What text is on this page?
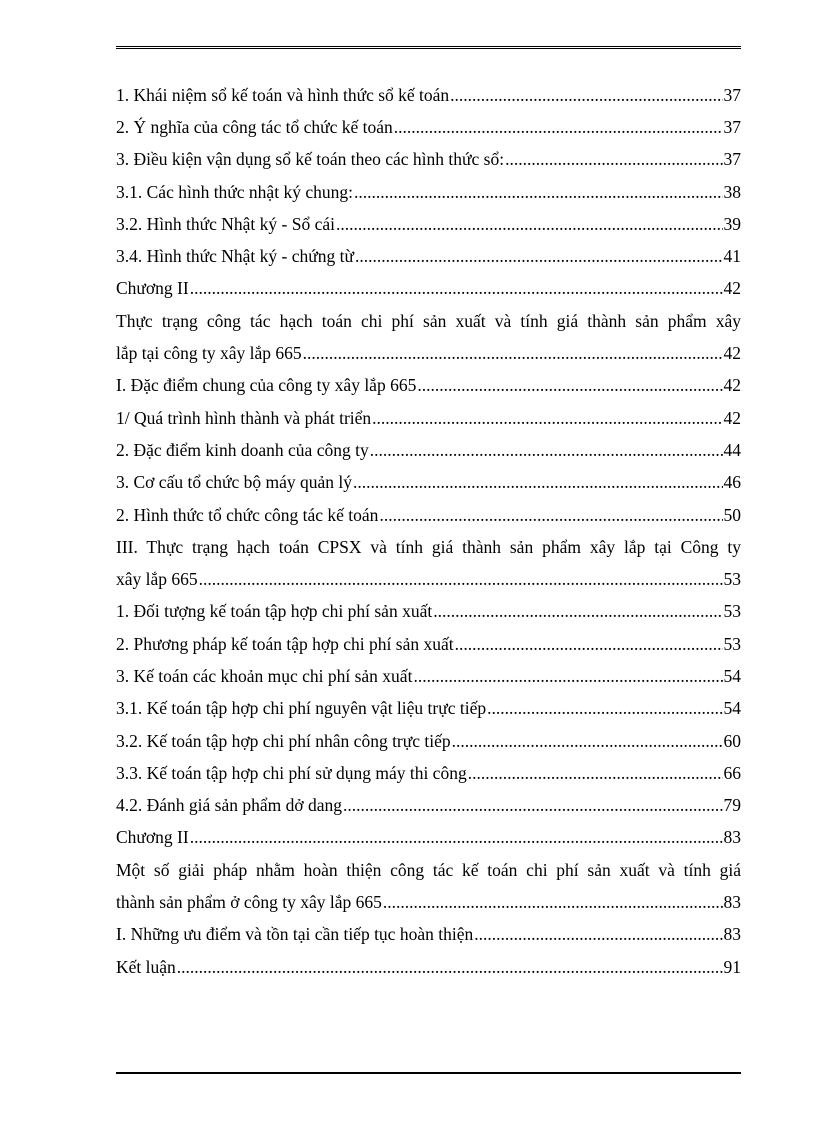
1. Khái niệm sổ kế toán và hình thức sổ kế toán .....	37
2. Ý nghĩa của công tác tổ chức kế toán .....	37
3. Điều kiện vận dụng sổ kế toán theo các hình thức sổ: .....	37
3.1. Các hình thức nhật ký chung: .....	38
3.2. Hình thức Nhật ký - Sổ cái .....	39
3.4. Hình thức Nhật ký - chứng từ .....	41
Chương II .....	42
Thực trạng công tác hạch toán chi phí sản xuất và tính giá thành sản phẩm xây
lắp tại công ty xây lắp 665 .....	42
I. Đặc điểm chung của công ty xây lắp 665 .....	42
1/ Quá trình hình thành và phát triển .....	42
2. Đặc điểm kinh doanh của công ty .....	44
3. Cơ cấu tổ chức bộ máy quản lý .....	46
2. Hình thức tổ chức công tác kế toán .....	50
III. Thực trạng hạch toán CPSX và tính giá thành sản phẩm xây lắp tại Công ty
xây lắp 665 .....	53
1. Đối tượng kế toán tập hợp chi phí sản xuất .....	53
2. Phương pháp kế toán tập hợp chi phí sản xuất .....	53
3. Kế toán các khoản mục chi phí sản xuất .....	54
3.1. Kế toán tập hợp chi phí nguyên vật liệu trực tiếp .....	54
3.2. Kế toán tập hợp chi phí nhân công trực tiếp .....	60
3.3. Kế toán tập hợp chi phí sử dụng máy thi công .....	66
4.2. Đánh giá sản phẩm dở dang .....	79
Chương II .....	83
Một số giải pháp nhằm hoàn thiện công tác kế toán chi phí sản xuất và tính giá
thành sản phẩm ở công ty xây lắp 665 .....	83
I. Những ưu điểm và tồn tại cần tiếp tục hoàn thiện .....	83
Kết luận .....	91
